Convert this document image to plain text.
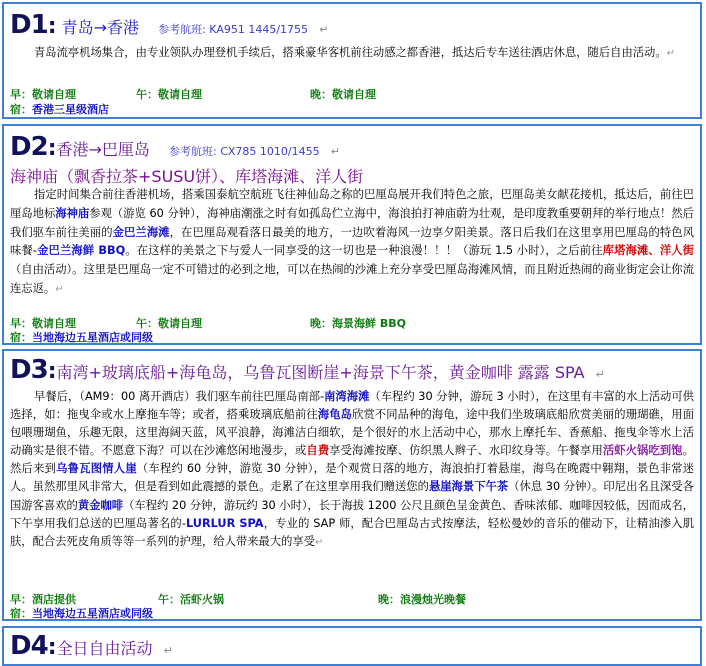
D1: 青岛→香港 参考航班: KA951 1445/1755 ↵
青岛流亭机场集合，由专业领队办理登机手续后，搭乘豪华客机前往动感之都香港，抵达后专车送往酒店休息，随后自由活动。↵
早：敬请自理	午：敬请自理	晚：敬请自理
宿：香港三星级酒店
D2:香港→巴厘岛 参考航班: CX785 1010/1455 ↵
海神庙（飘香拉茶+SUSU饼）、库塔海滩、洋人街
指定时间集合前往香港机场，搭乘国泰航空航班飞往神仙岛之称的巴厘岛展开我们特色之旅，巴厘岛美女献花接机，抵达后，前往巴厘岛地标海神庙参观（游览 60 分钟），海神庙潮涨之时有如孤岛伫立海中，海浪拍打神庙蔚为壮观，是印度教重要朝拜的举行地点！然后我们驱车前往美丽的金巴兰海滩，在巴厘岛观看落日最美的地方，一边吹着海风一边享夕阳美景。落日后我们在这里享用巴厘岛的特色风味餐-金巴兰海鲜 BBQ。在这样的美景之下与爱人一同享受的这一切也是一种浪漫！！！（游玩 1.5 小时），之后前往库塔海滩、洋人街（自由活动）。这里是巴厘岛一定不可错过的必到之地，可以在热闹的沙滩上充分享受巴厘岛海滩风情，而且附近热闹的商业街定会让你流连忘返。↵
早：敬请自理	午：敬请自理	晚：海景海鲜 BBQ
宿：当地海边五星酒店或同级
D3:南湾+玻璃底船+海龟岛，乌鲁瓦图断崖+海景下午茶，黄金咖啡 露露 SPA ↵
早餐后，（AM9：00 离开酒店）我们驱车前往巴厘岛南部-南湾海滩（车程约 30 分钟，游玩 3 小时），在这里有丰富的水上活动可供选择，如：拖曳伞或水上摩拖车等；或者，搭乘玻璃底船前往海龟岛欣赏不同品种的海龟，途中我们坐玻璃底船欣赏美丽的珊瑚礁，用面包喂珊瑚鱼，乐趣无限，这里海阔天蓝，风平浪静，海滩洁白细软，是个很好的水上活动中心，那水上摩托车、香蕉船、拖曳伞等水上活动确实是很不错。不愿意下海？可以在沙滩悠闲地漫步，或自费享受海滩按摩、仿织黑人辫子、水印纹身等。午餐享用活虾火锅吃到饱。然后来到乌鲁瓦图情人崖（车程约 60 分钟，游览 30 分钟），是个观赏日落的地方，海浪拍打着悬崖，海鸟在晚霞中翱翔，景色非常迷人。虽然那里风非常大，但是看到如此震撼的景色。走累了在这里享用我们赠送您的悬崖海景下午茶（休息 30 分钟）。印尼出名且深受各国游客喜欢的黄金咖啡（车程约 20 分钟，游玩约 30 小时），长于海拔 1200 公尺且颜色呈金黄色、香味浓郁、咖啡因较低，因而成名，下午享用我们总送的巴厘岛著名的-LURLUR SPA，专业的 SAP 师，配合巴厘岛古式按摩法，轻松曼妙的音乐的催动下，让精油渗入肌肤，配合去死皮角质等等一系列的护理，给人带来最大的享受↵
早：酒店提供	午：活虾火锅	晚：浪漫烛光晚餐
宿：当地海边五星酒店或同级
D4:全日自由活动 ↵
